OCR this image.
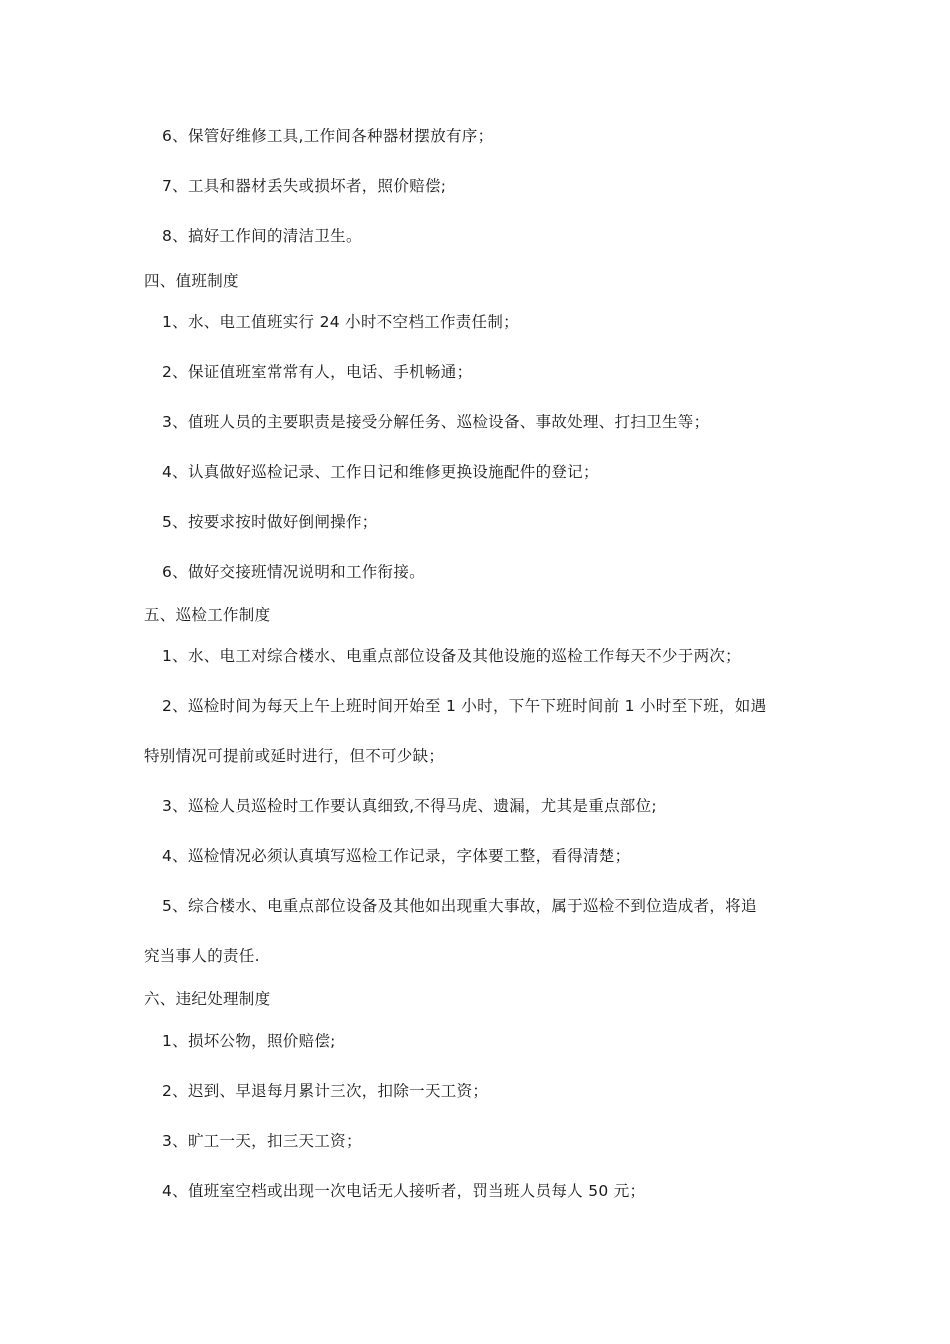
6、保管好维修工具,工作间各种器材摆放有序；
7、工具和器材丢失或损坏者，照价赔偿;
8、搞好工作间的清洁卫生。
四、值班制度
1、水、电工值班实行 24 小时不空档工作责任制；
2、保证值班室常常有人，电话、手机畅通；
3、值班人员的主要职责是接受分解任务、巡检设备、事故处理、打扫卫生等；
4、认真做好巡检记录、工作日记和维修更换设施配件的登记；
5、按要求按时做好倒闸操作；
6、做好交接班情况说明和工作衔接。
五、巡检工作制度
1、水、电工对综合楼水、电重点部位设备及其他设施的巡检工作每天不少于两次；
2、巡检时间为每天上午上班时间开始至 1 小时，下午下班时间前 1 小时至下班，如遇
特别情况可提前或延时进行，但不可少缺；
3、巡检人员巡检时工作要认真细致,不得马虎、遗漏，尤其是重点部位;
4、巡检情况必须认真填写巡检工作记录，字体要工整，看得清楚；
5、综合楼水、电重点部位设备及其他如出现重大事故，属于巡检不到位造成者，将追
究当事人的责任.
六、违纪处理制度
1、损坏公物，照价赔偿;
2、迟到、早退每月累计三次，扣除一天工资；
3、旷工一天，扣三天工资；
4、值班室空档或出现一次电话无人接听者，罚当班人员每人 50 元；
